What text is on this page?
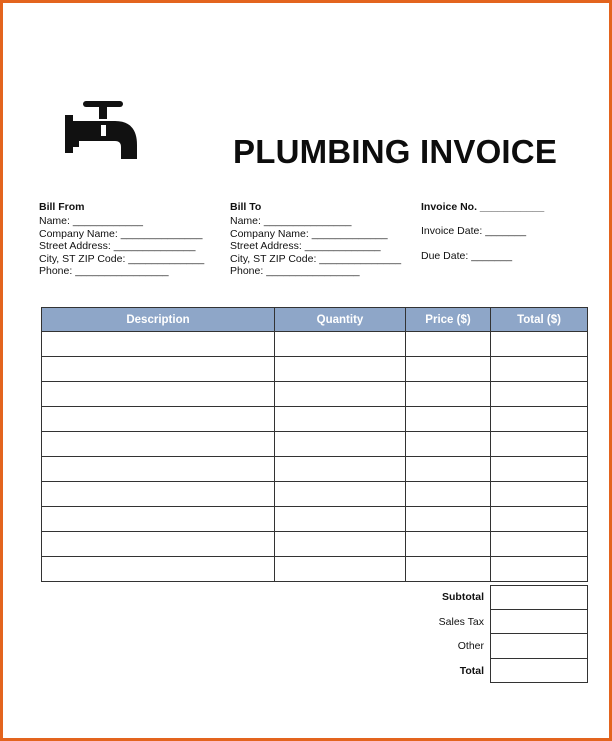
PLUMBING INVOICE
Bill From
Name: ____________
Company Name: ______________
Street Address: ______________
City, ST ZIP Code: _____________
Phone: ________________
Bill To
Name: _______________
Company Name: _____________
Street Address: _____________
City, ST ZIP Code: ______________
Phone: ________________
Invoice No. ___________
Invoice Date: _______
Due Date: _______
Description	Quantity	Price ($)	Total ($)

Subtotal
Sales Tax
Other
Total
